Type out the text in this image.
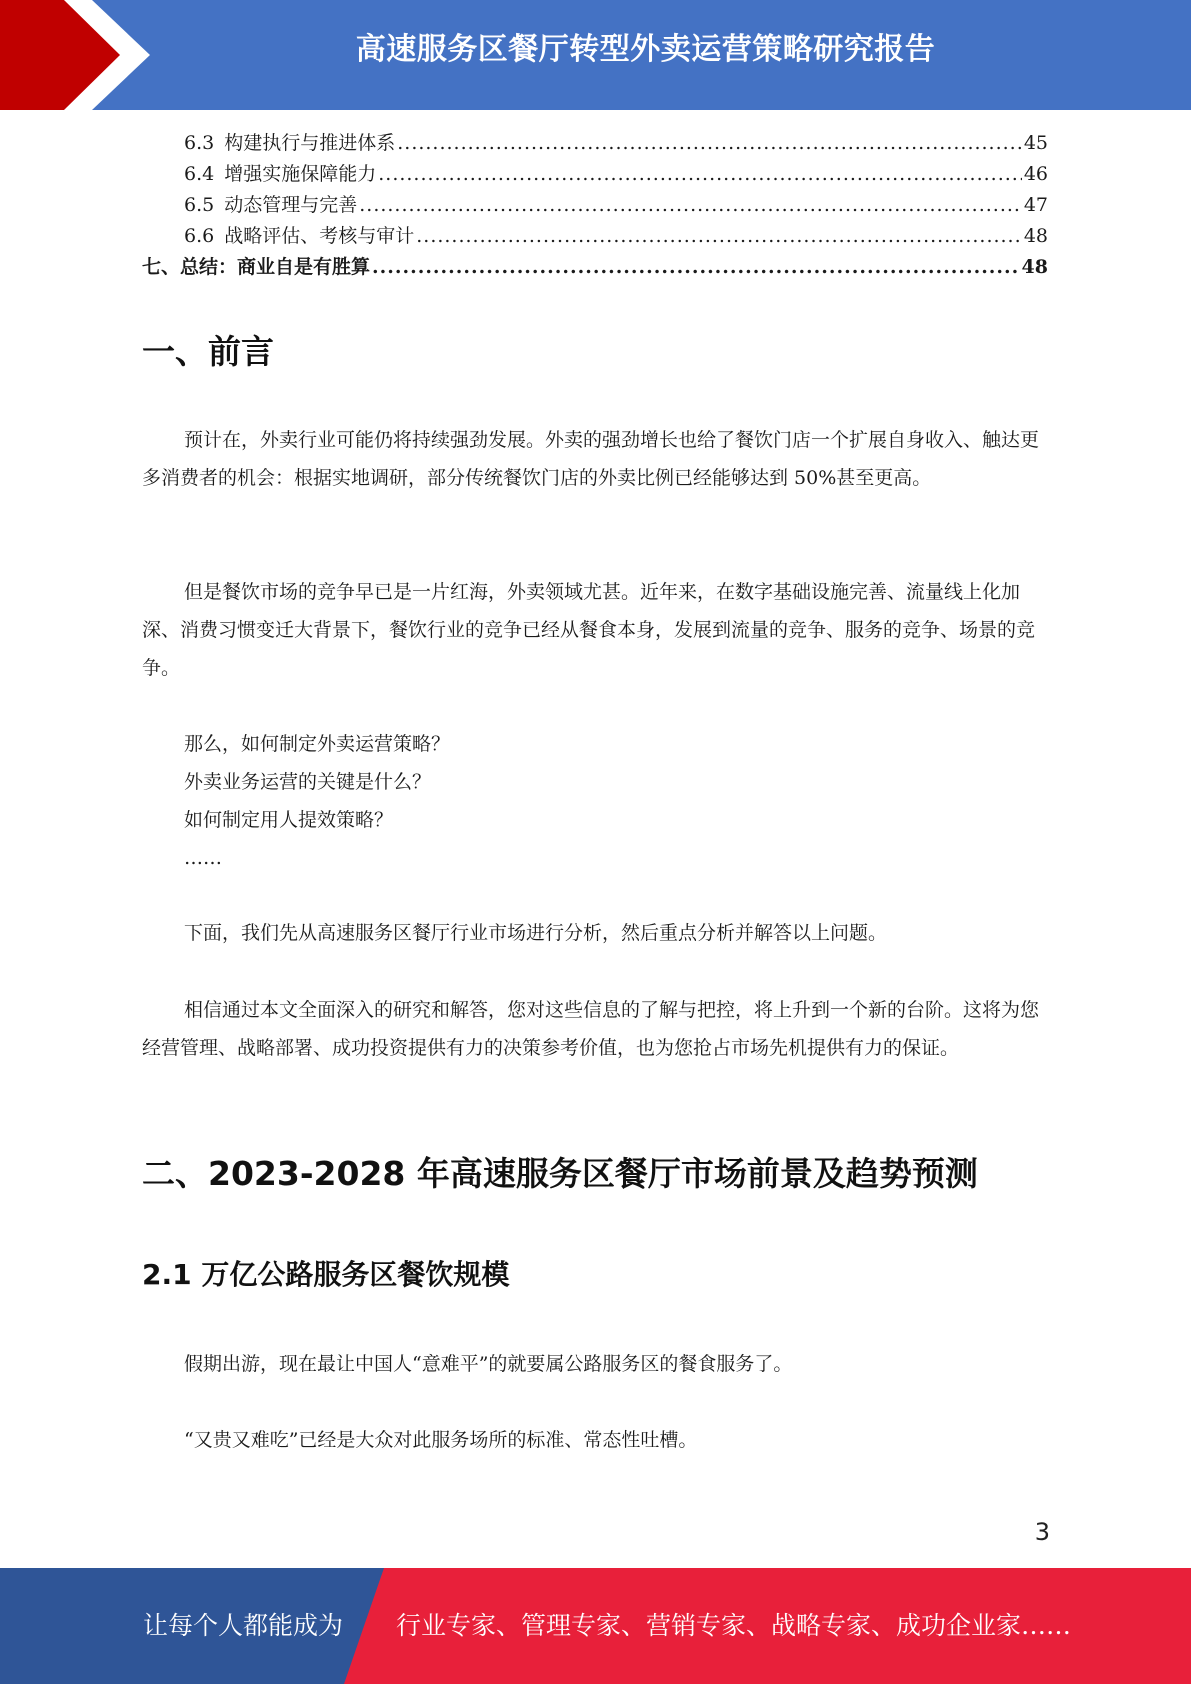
高速服务区餐厅转型外卖运营策略研究报告
6.3 构建执行与推进体系 .....	45
6.4 增强实施保障能力 .....	46
6.5 动态管理与完善 .....	47
6.6 战略评估、考核与审计 .....	48
七、总结：商业自是有胜算 .....	48
一、前言

预计在，外卖行业可能仍将持续强劲发展。外卖的强劲增长也给了餐饮门店一个扩展自身收入、触达更多消费者的机会：根据实地调研，部分传统餐饮门店的外卖比例已经能够达到 50%甚至更高。

但是餐饮市场的竞争早已是一片红海，外卖领域尤甚。近年来，在数字基础设施完善、流量线上化加深、消费习惯变迁大背景下，餐饮行业的竞争已经从餐食本身，发展到流量的竞争、服务的竞争、场景的竞争。

那么，如何制定外卖运营策略？
外卖业务运营的关键是什么？
如何制定用人提效策略？
……

下面，我们先从高速服务区餐厅行业市场进行分析，然后重点分析并解答以上问题。

相信通过本文全面深入的研究和解答，您对这些信息的了解与把控，将上升到一个新的台阶。这将为您经营管理、战略部署、成功投资提供有力的决策参考价值，也为您抢占市场先机提供有力的保证。

二、2023-2028 年高速服务区餐厅市场前景及趋势预测
2.1 万亿公路服务区餐饮规模

假期出游，现在最让中国人“意难平”的就要属公路服务区的餐食服务了。

“又贵又难吃”已经是大众对此服务场所的标准、常态性吐槽。

3
让每个人都能成为 行业专家、管理专家、营销专家、战略专家、成功企业家……
